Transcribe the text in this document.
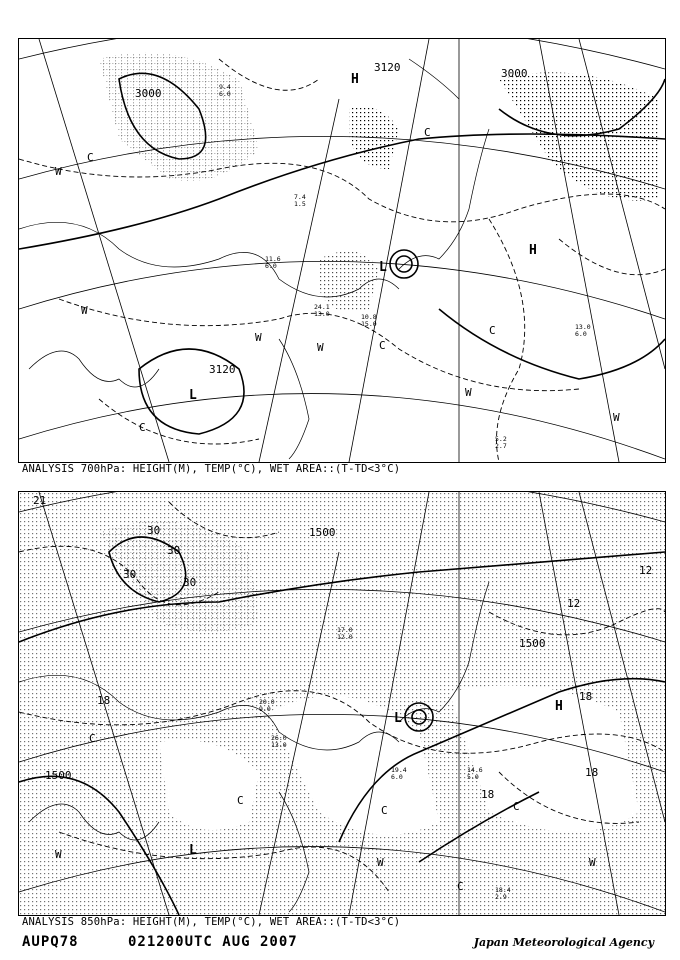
3000
3120
3120	3000
H
L
L
H
C
C
C
C
C
W
W
W
W
W
W
9.4 6.0
13.0 6.0
5.2 2.7
7.4 1.5
11.6 6.0
10.8 15.0
24.1 13.0
ANALYSIS 700hPa: HEIGHT(M), TEMP(°C), WET AREA::(T-TD<3°C)
1500
1500
1500
H
L
L
21
30
30
30
30
18	18
18
12
12
18
C
C
C	C
C
W
W	W
19.4 6.0
17.0 12.0
20.0 9.0
26.0 13.0
14.6 5.0
18.4 2.9
ANALYSIS 850hPa: HEIGHT(M), TEMP(°C), WET AREA::(T-TD<3°C)
AUPQ78	021200UTC AUG 2007	Japan Meteorological Agency
